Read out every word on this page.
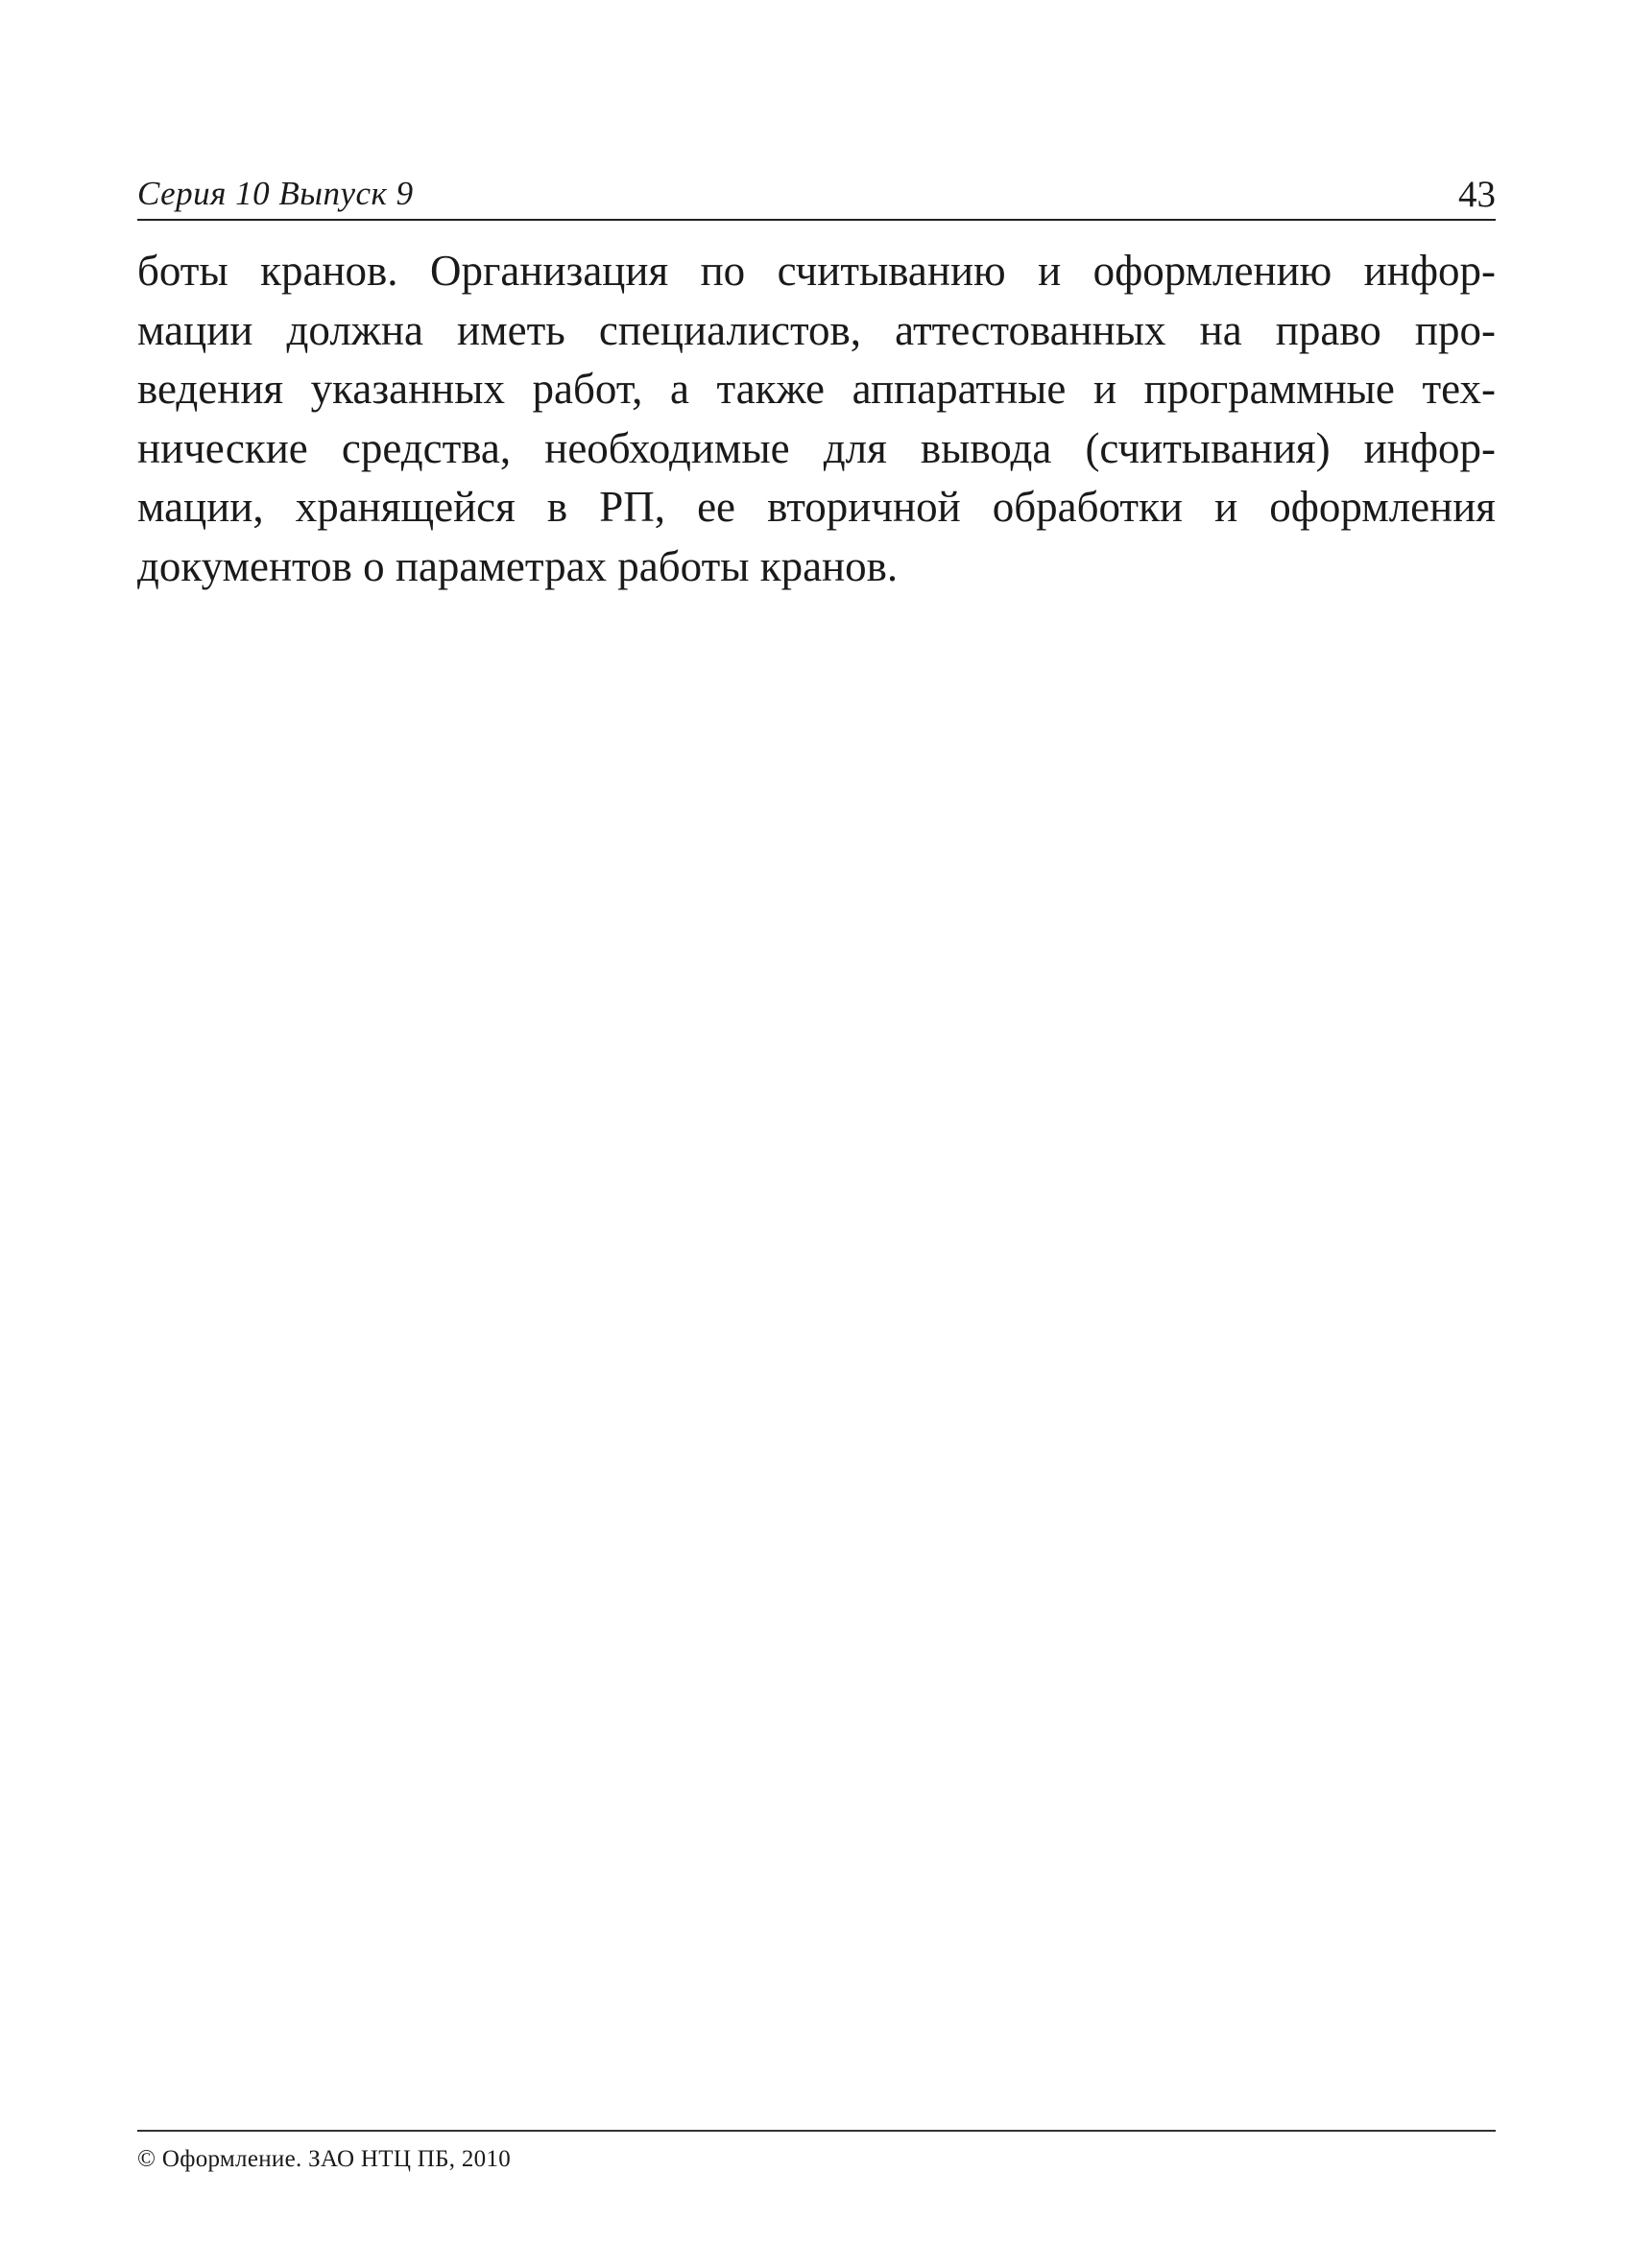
Серия 10 Выпуск 9	43
боты кранов. Организация по считыванию и оформлению инфор-
мации должна иметь специалистов, аттестованных на право про-
ведения указанных работ, а также аппаратные и программные тех-
нические средства, необходимые для вывода (считывания) инфор-
мации, хранящейся в РП, ее вторичной обработки и оформления
документов о параметрах работы кранов.
© Оформление. ЗАО НТЦ ПБ, 2010
